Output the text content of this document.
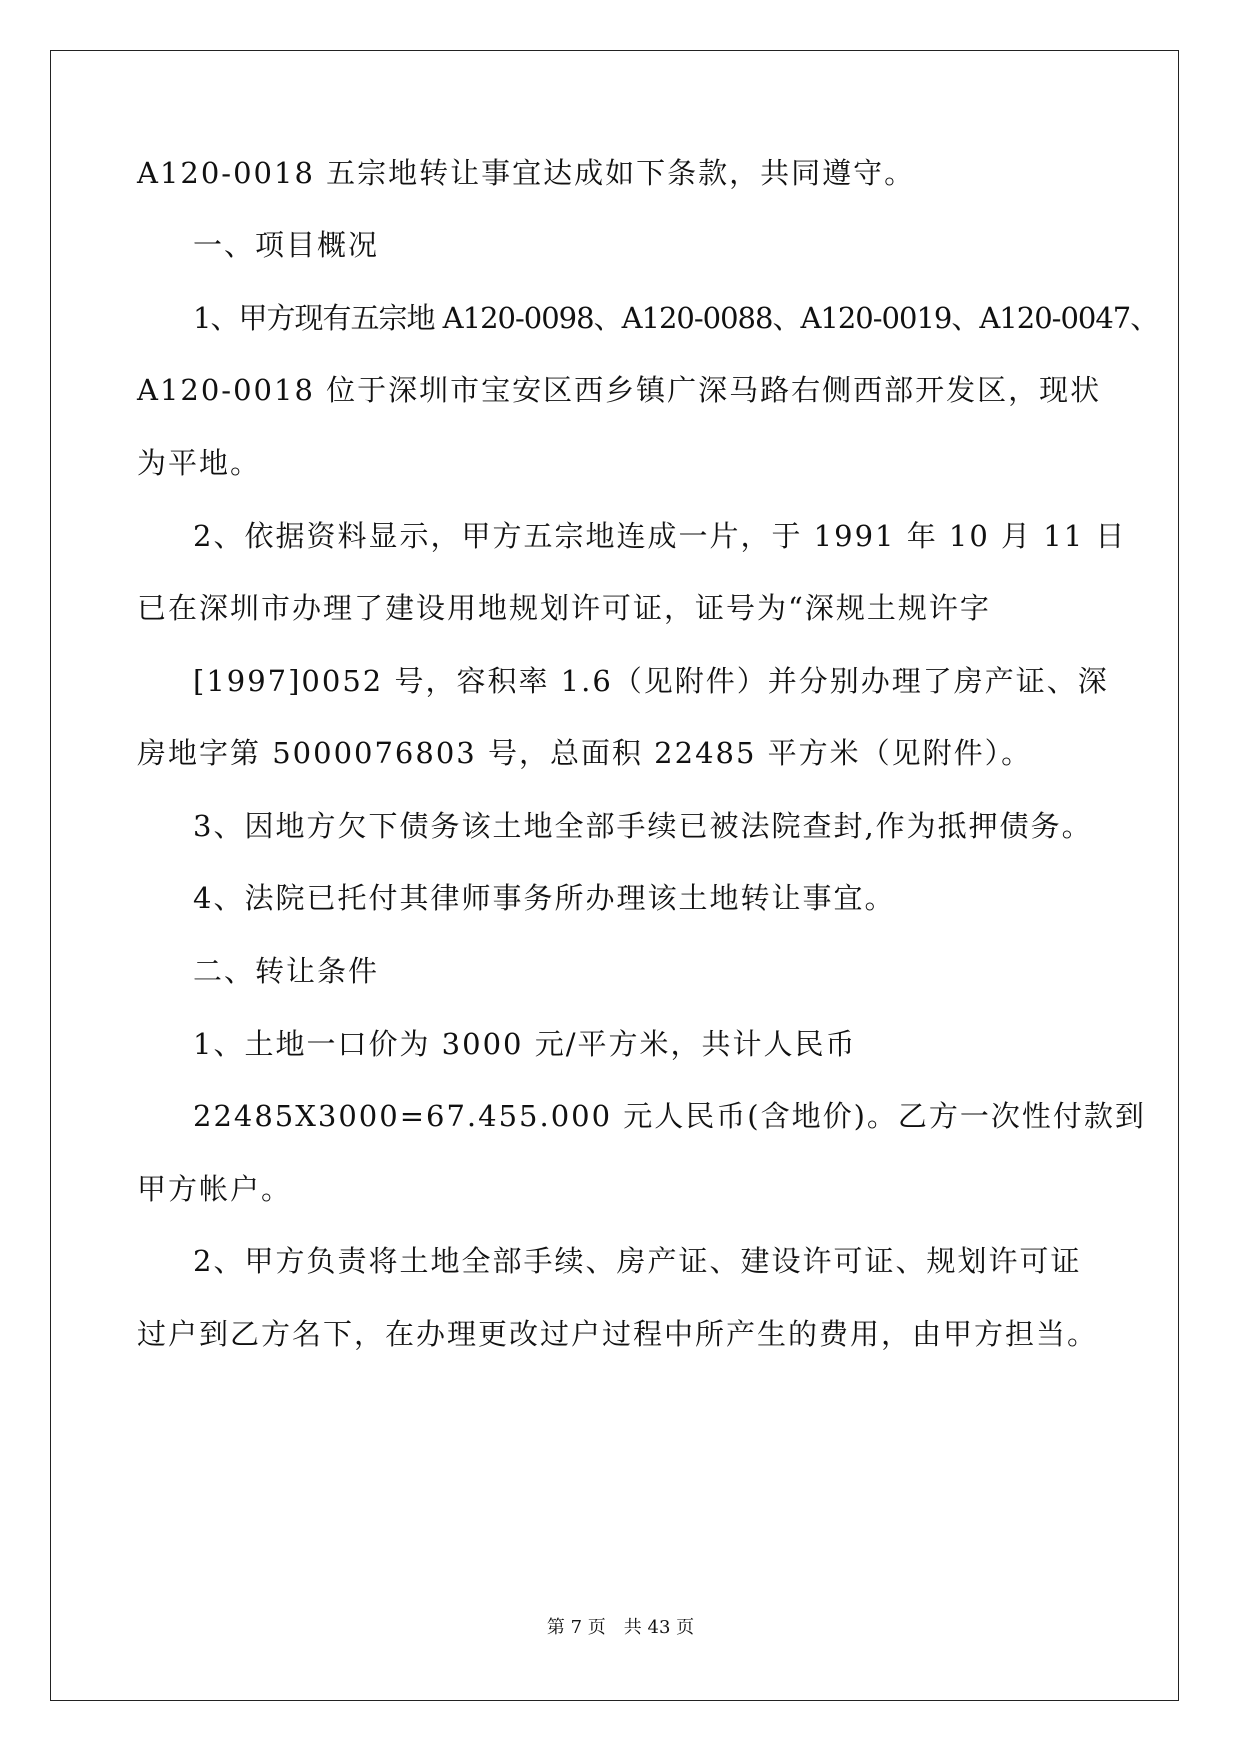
A120-0018 五宗地转让事宜达成如下条款，共同遵守。
一、项目概况
1、甲方现有五宗地 A120-0098、A120-0088、A120-0019、A120-0047、
A120-0018 位于深圳市宝安区西乡镇广深马路右侧西部开发区，现状
为平地。
2、依据资料显示，甲方五宗地连成一片，于 1991 年 10 月 11 日
已在深圳市办理了建设用地规划许可证，证号为“深规土规许字
[1997]0052 号，容积率 1.6（见附件）并分别办理了房产证、深
房地字第 5000076803 号，总面积 22485 平方米（见附件）。
3、因地方欠下债务该土地全部手续已被法院查封,作为抵押债务。
4、法院已托付其律师事务所办理该土地转让事宜。
二、转让条件
1、土地一口价为 3000 元/平方米，共计人民币
22485X3000=67.455.000 元人民币(含地价)。乙方一次性付款到
甲方帐户。
2、甲方负责将土地全部手续、房产证、建设许可证、规划许可证
过户到乙方名下，在办理更改过户过程中所产生的费用，由甲方担当。
第 7 页　共 43 页
